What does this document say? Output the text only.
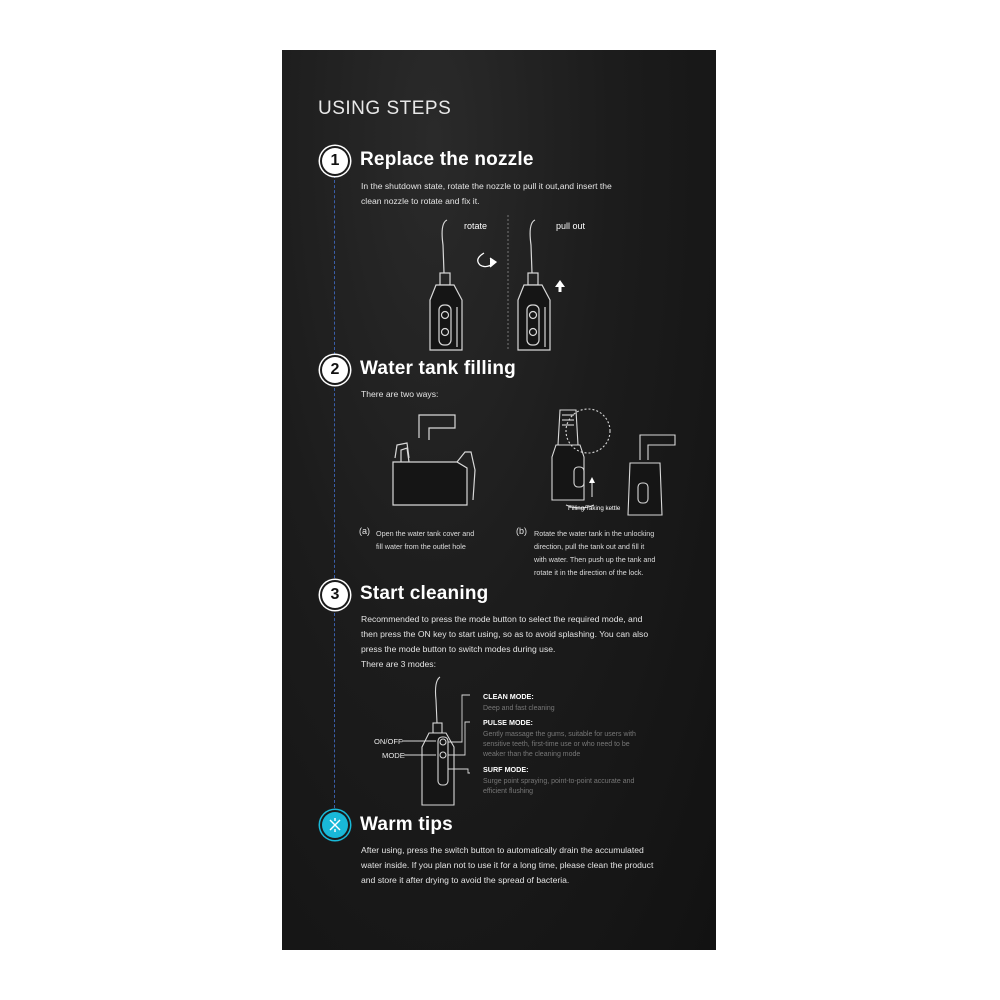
USING STEPS
1	Replace the nozzle
In the shutdown state, rotate the nozzle to pull it out,and insert the
clean nozzle to rotate and fix it.
rotate	pull out
2	Water tank filling
There are two ways:
Filling/Taking kettle
(a) Open the water tank cover and
fill water from the outlet hole
(b) Rotate the water tank in the unlocking
direction, pull the tank out and fill it
with water. Then push up the tank and
rotate it in the direction of the lock.
3	Start cleaning
Recommended to press the mode button to select the required mode, and
then press the ON key to start using, so as to avoid splashing. You can also
press the mode button to switch modes during use.
There are 3 modes:
ON/OFF
MODE
CLEAN MODE:
Deep and fast cleaning
PULSE MODE:
Gently massage the gums, suitable for users with
sensitive teeth, first-time use or who need to be
weaker than the cleaning mode
SURF MODE:
Surge point spraying, point-to-point accurate and
efficient flushing
Warm tips
After using, press the switch button to automatically drain the accumulated
water inside. If you plan not to use it for a long time, please clean the product
and store it after drying to avoid the spread of bacteria.
